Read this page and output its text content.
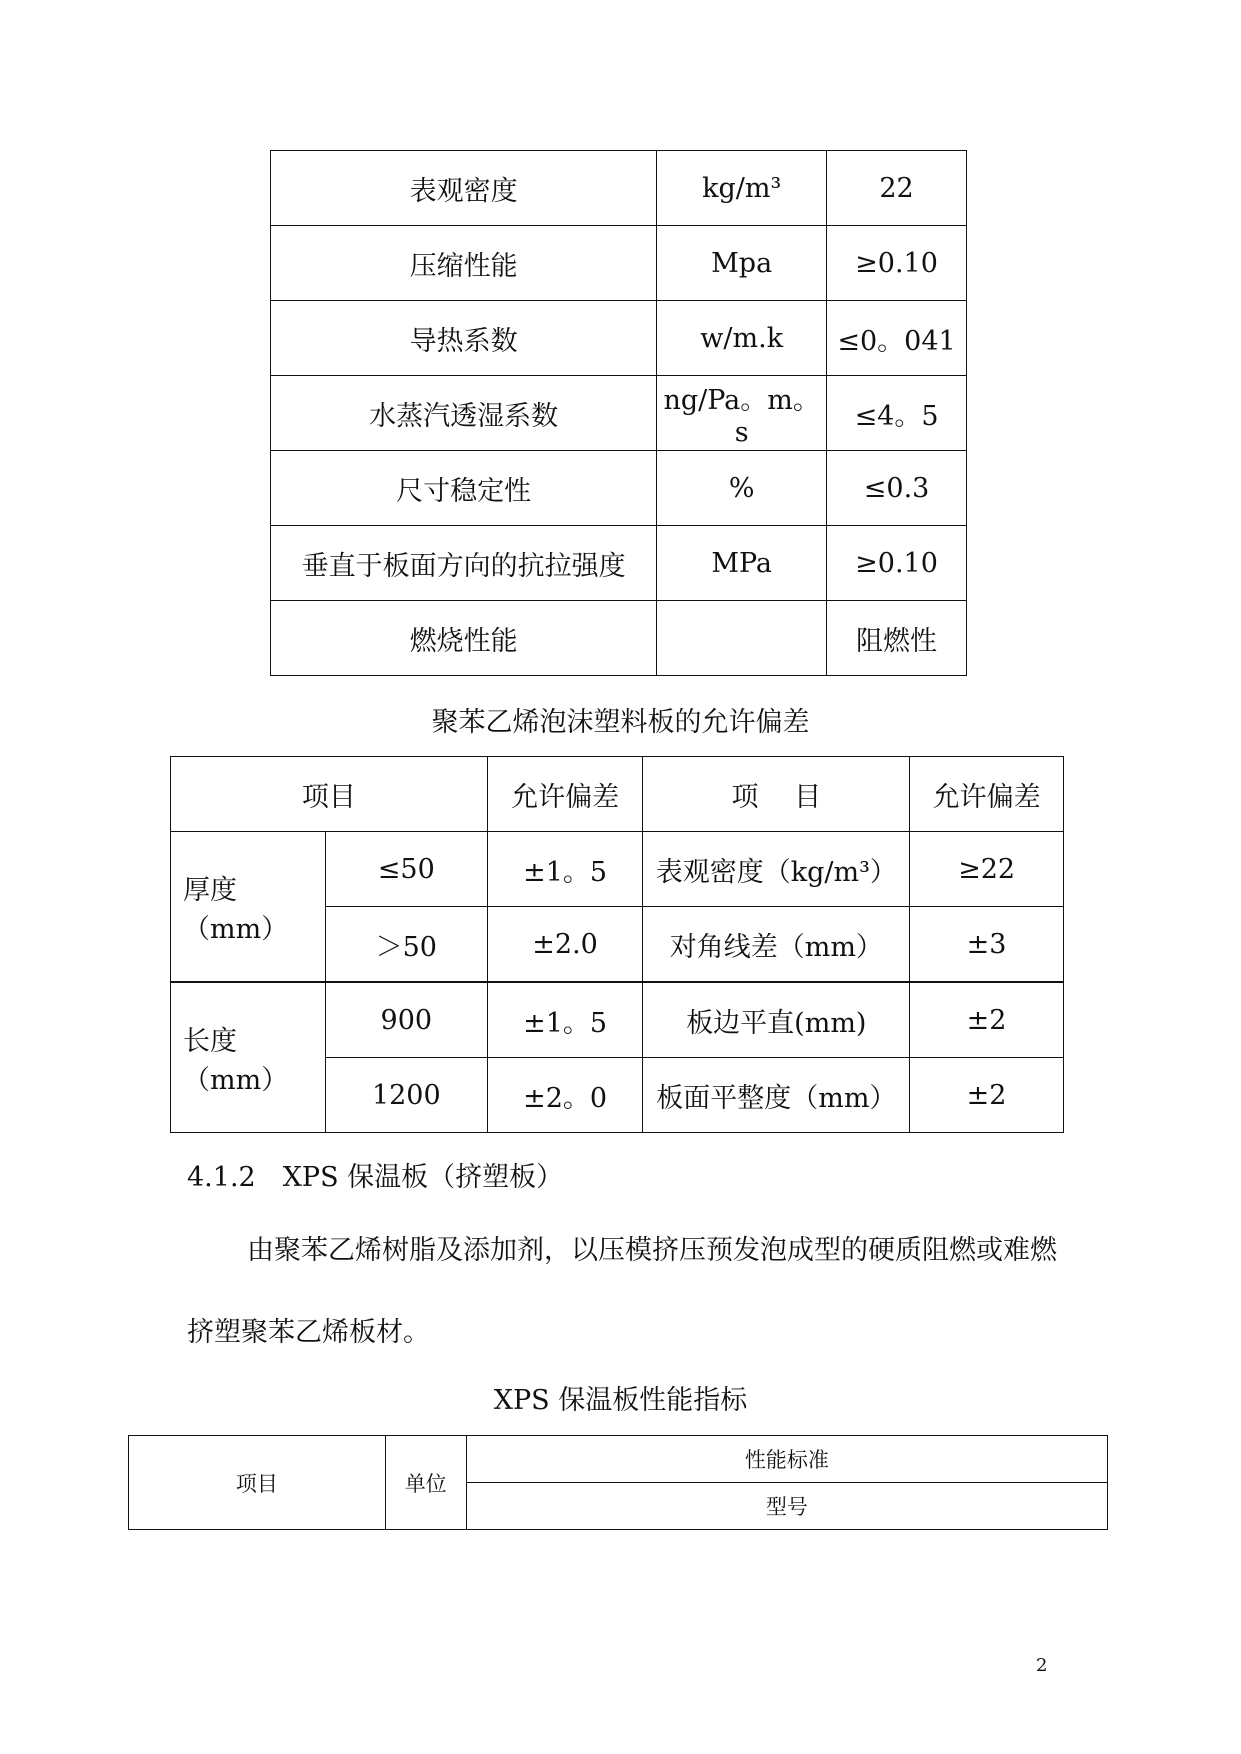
表观密度	kg/m³	22
压缩性能	Mpa	≥0.10
导热系数	w/m.k	≤0。041
水蒸汽透湿系数	ng/Pa。m。s	≤4。5
尺寸稳定性	%	≤0.3
垂直于板面方向的抗拉强度	MPa	≥0.10
燃烧性能		阻燃性
聚苯乙烯泡沫塑料板的允许偏差
项目		允许偏差	项　 目	允许偏差
厚度（mm）	≤50	±1。5	表观密度（kg/m³）	≥22
	＞50	±2.0	对角线差（mm）	±3
长度（mm）	900	±1。5	板边平直(mm)	±2
	1200	±2。0	板面平整度（mm）	±2
4.1.2　XPS 保温板（挤塑板）
由聚苯乙烯树脂及添加剂，以压模挤压预发泡成型的硬质阻燃或难燃挤塑聚苯乙烯板材。
XPS 保温板性能指标
项目	单位	性能标准
型号
2
